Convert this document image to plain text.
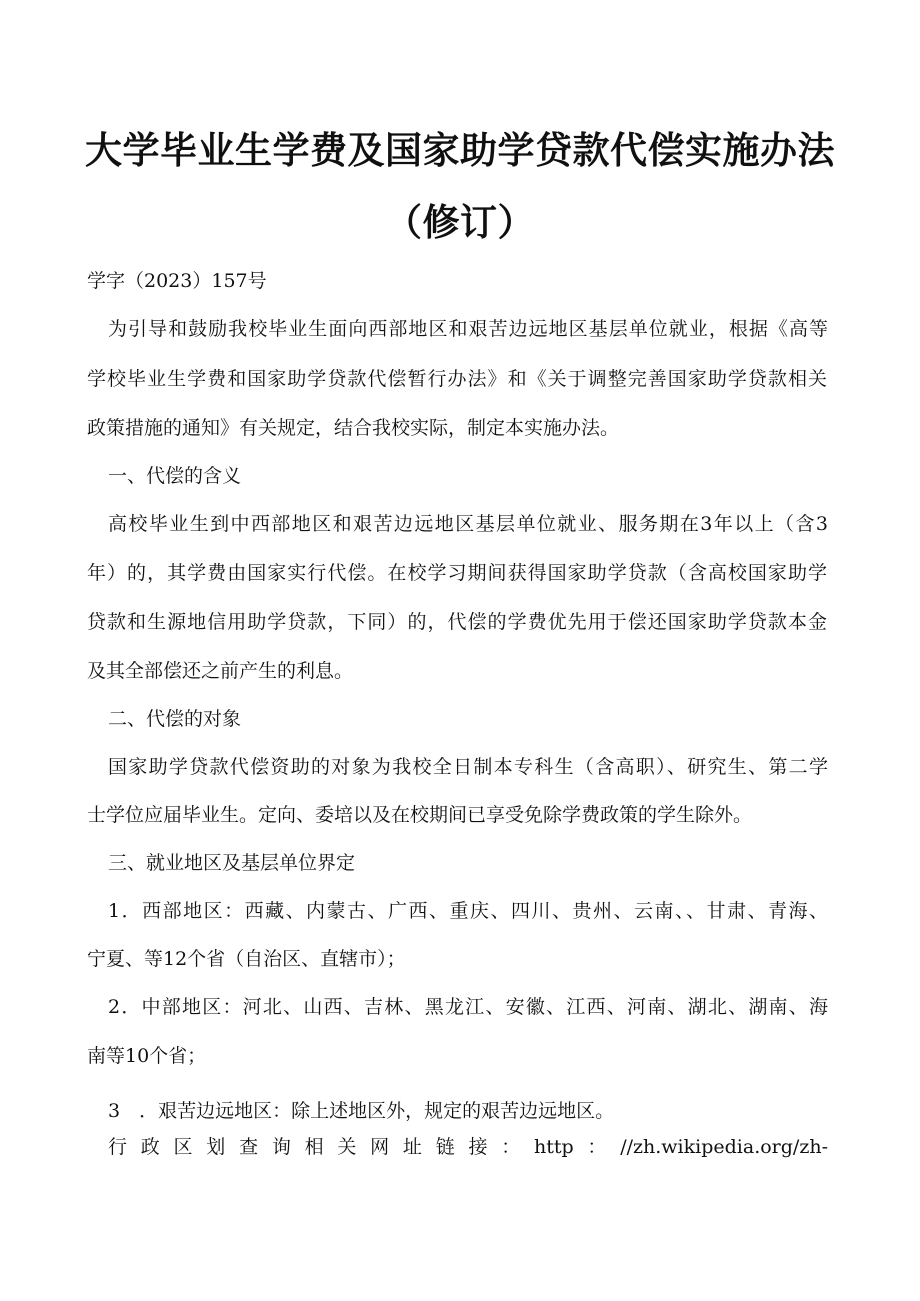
大学毕业生学费及国家助学贷款代偿实施办法
（修订）
学字（2023）157号
为引导和鼓励我校毕业生面向西部地区和艰苦边远地区基层单位就业，根据《高等
学校毕业生学费和国家助学贷款代偿暂行办法》和《关于调整完善国家助学贷款相关
政策措施的通知》有关规定，结合我校实际，制定本实施办法。
一、代偿的含义
高校毕业生到中西部地区和艰苦边远地区基层单位就业、服务期在3年以上（含3
年）的，其学费由国家实行代偿。在校学习期间获得国家助学贷款（含高校国家助学
贷款和生源地信用助学贷款，下同）的，代偿的学费优先用于偿还国家助学贷款本金
及其全部偿还之前产生的利息。
二、代偿的对象
国家助学贷款代偿资助的对象为我校全日制本专科生（含高职）、研究生、第二学
士学位应届毕业生。定向、委培以及在校期间已享受免除学费政策的学生除外。
三、就业地区及基层单位界定
1．西部地区：西藏、内蒙古、广西、重庆、四川、贵州、云南、、甘肃、青海、
宁夏、等12个省（自治区、直辖市）；
2．中部地区：河北、山西、吉林、黑龙江、安徽、江西、河南、湖北、湖南、海
南等10个省；
3　．艰苦边远地区：除上述地区外，规定的艰苦边远地区。
行政区划查询相关网址链接：http：//zh.wikipedia.org/zh-
